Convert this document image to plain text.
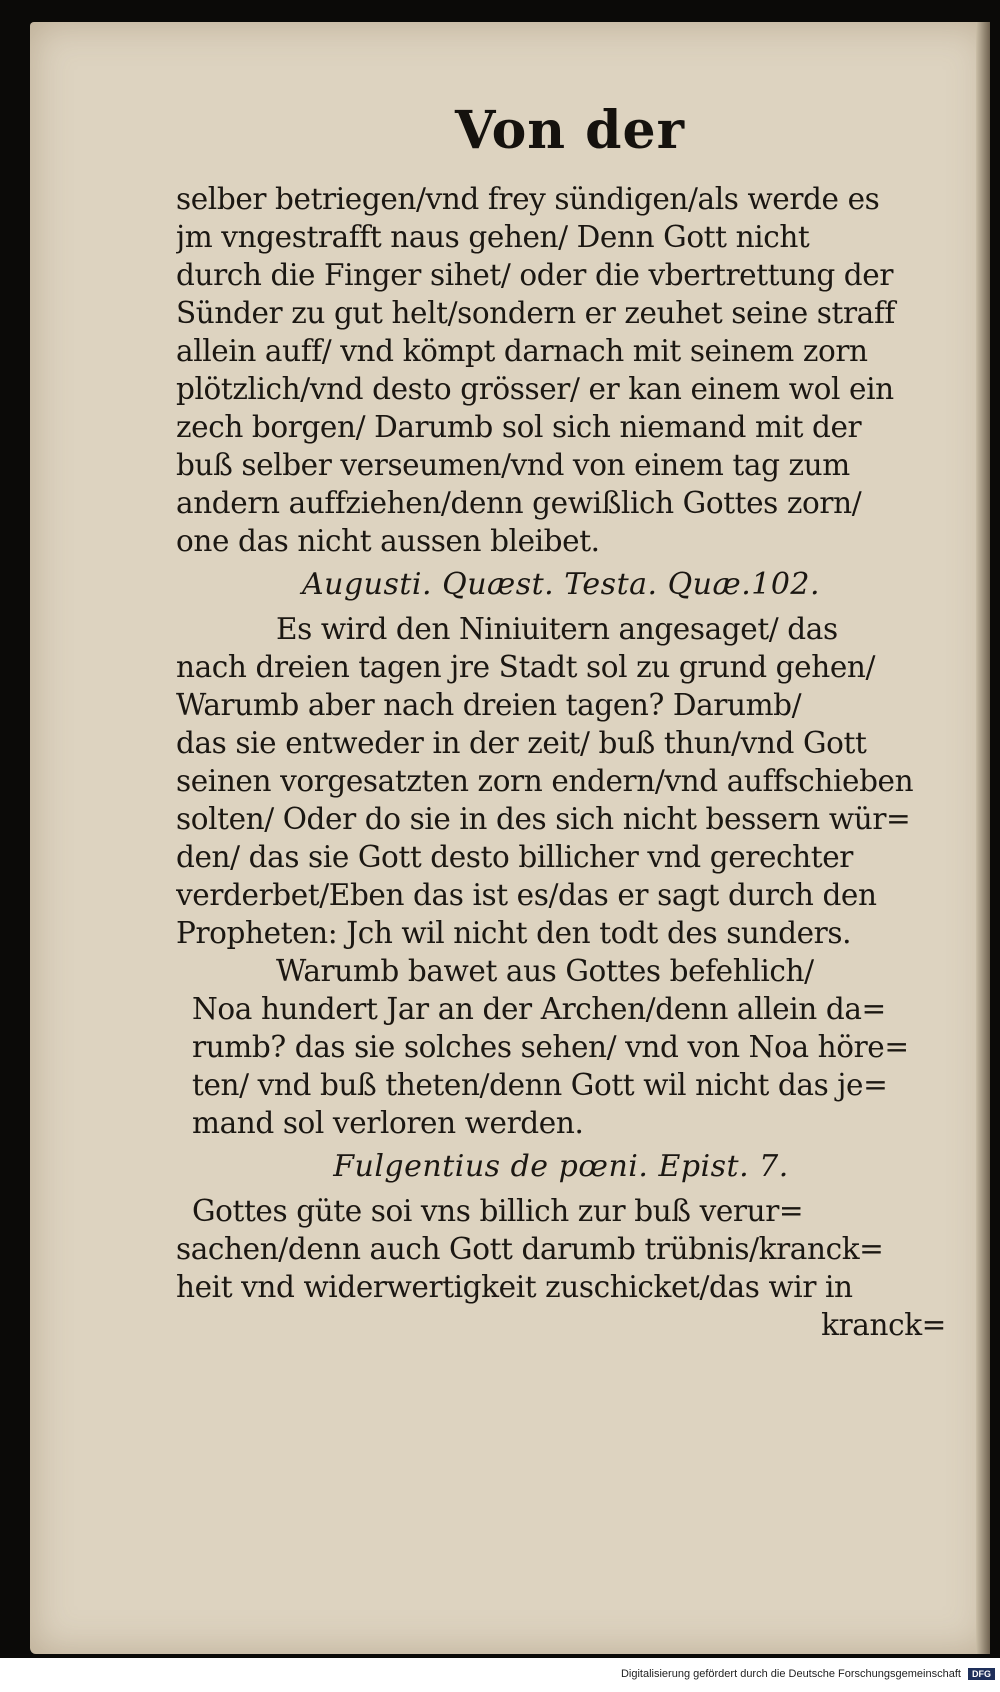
Von der
selber betriegen/vnd frey sündigen/als werde es
jm vngestrafft naus gehen/ Denn Gott nicht
durch die Finger sihet/ oder die vbertrettung der
Sünder zu gut helt/sondern er zeuhet seine straff
allein auff/ vnd kömpt darnach mit seinem zorn
plötzlich/vnd desto grösser/ er kan einem wol ein
zech borgen/ Darumb sol sich niemand mit der
buß selber verseumen/vnd von einem tag zum
andern auffziehen/denn gewißlich Gottes zorn/
one das nicht aussen bleibet.
Augusti. Quæst. Testa. Quæ.102.
Es wird den Niniuitern angesaget/ das
nach dreien tagen jre Stadt sol zu grund gehen/
Warumb aber nach dreien tagen? Darumb/
das sie entweder in der zeit/ buß thun/vnd Gott
seinen vorgesatzten zorn endern/vnd auffschieben
solten/ Oder do sie in des sich nicht bessern wür=
den/ das sie Gott desto billicher vnd gerechter
verderbet/Eben das ist es/das er sagt durch den
Propheten: Jch wil nicht den todt des sunders.
Warumb bawet aus Gottes befehlich/
Noa hundert Jar an der Archen/denn allein da=
rumb? das sie solches sehen/ vnd von Noa höre=
ten/ vnd buß theten/denn Gott wil nicht das je=
mand sol verloren werden.
Fulgentius de pœni. Epist. 7.
Gottes güte soi vns billich zur buß verur=
sachen/denn auch Gott darumb trübnis/kranck=
heit vnd widerwertigkeit zuschicket/das wir in
kranck=
Digitalisierung gefördert durch die Deutsche Forschungsgemeinschaft DFG
